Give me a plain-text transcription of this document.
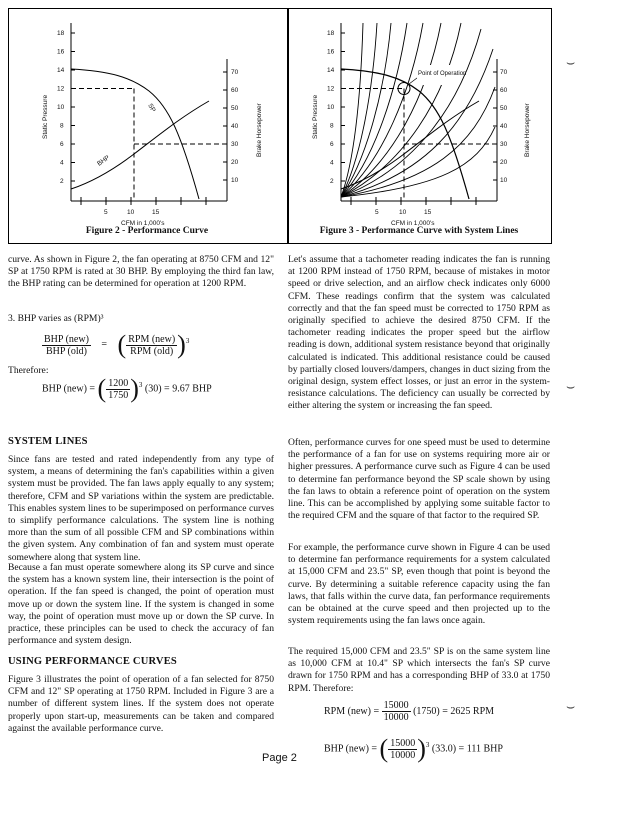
18
16
14
12
10
8
6
4
2
70
60
50
40
30
20
10
5	10	15
CFM in 1,000's
Static Pressure	Brake Horsepower
SP
BHP
Figure 2 - Performance Curve
18
16
14
12
10
8
6
4
2
70
60
50
40
30
20
10
5	10	15
CFM in 1,000's
Static Pressure	Brake Horsepower
Point of Operation
Figure 3 - Performance Curve with System Lines

curve. As shown in Figure 2, the fan operating at 8750 CFM and 12" SP at 1750 RPM is rated at 30 BHP. By employing the third fan law, the BHP rating can be determined for operation at 1200 RPM.

3. BHP varies as (RPM)³

$\frac{\text{BHP (new)}}{\text{BHP (old)}}$ = ( $\frac{\text{RPM (new)}}{\text{RPM (old)}} )^3$

Therefore:

BHP (new) = ( $\frac{1200}{1750} )^3$ (30) = 9.67 BHP

SYSTEM LINES

Since fans are tested and rated independently from any type of system, a means of determining the fan's capabilities within a given system must be provided. The fan laws apply equally to any system; therefore, CFM and SP variations within the system are predictable. This enables system lines to be superimposed on performance curves to simplify performance calculations. The system line is nothing more than the sum of all possible CFM and SP combinations within the given system. Any combination of fan and system must operate somewhere along that system line.

Because a fan must operate somewhere along its SP curve and since the system has a known system line, their intersection is the point of operation. If the fan speed is changed, the point of operation must move up or down the system line. If the system is changed in some way, the point of operation must move up or down the SP curve. In practice, these principles can be used to check the accuracy of fan performance and system design.

USING PERFORMANCE CURVES

Figure 3 illustrates the point of operation of a fan selected for 8750 CFM and 12" SP operating at 1750 RPM. Included in Figure 3 are a number of different system lines. If the system does not operate properly upon start-up, measurements can be taken and compared against the available performance curve.

Let's assume that a tachometer reading indicates the fan is running at 1200 RPM instead of 1750 RPM, because of mistakes in motor speed or drive selection, and an airflow check indicates only 6000 CFM. These readings confirm that the system was calculated correctly and that the fan speed must be corrected to 1750 RPM as originally specified to achieve the desired 8750 CFM. If the tachometer reading indicates the proper speed but the airflow reading is down, additional system resistance beyond that originally calculated is indicated. This additional resistance could be caused by partially closed louvers/dampers, changes in duct sizing from the original design, system effect losses, or just an error in the system-resistance calculations. The deficiency can usually be corrected by either altering the system or increasing the fan speed.

Often, performance curves for one speed must be used to determine the performance of a fan for use on systems requiring more air or higher pressures. A performance curve such as Figure 4 can be used to determine fan performance beyond the SP scale shown by using the fan laws to obtain a reference point of operation on the system line. This can be accomplished by applying some suitable factor to the required CFM and the square of that factor to the required SP.

For example, the performance curve shown in Figure 4 can be used to determine fan performance requirements for a system calculated at 15,000 CFM and 23.5" SP, even though that point is beyond the curve. By determining a suitable reference capacity using the fan laws, that falls within the curve data, fan performance requirements can be obtained at the curve speed and then projected up to the system requirements using the fan laws once again.

The required 15,000 CFM and 23.5" SP is on the same system line as 10,000 CFM at 10.4" SP which intersects the fan's SP curve drawn for 1750 RPM and has a corresponding BHP of 33.0 at 1750 RPM. Therefore:

RPM $(new) = \frac{15000}{10000} (1750) = 2625$ RPM
BHP (new) = ( $\frac{15000}{10000} )^3$ (33.0) = 111 BHP
Page 2
⌣
⌣
⌣
